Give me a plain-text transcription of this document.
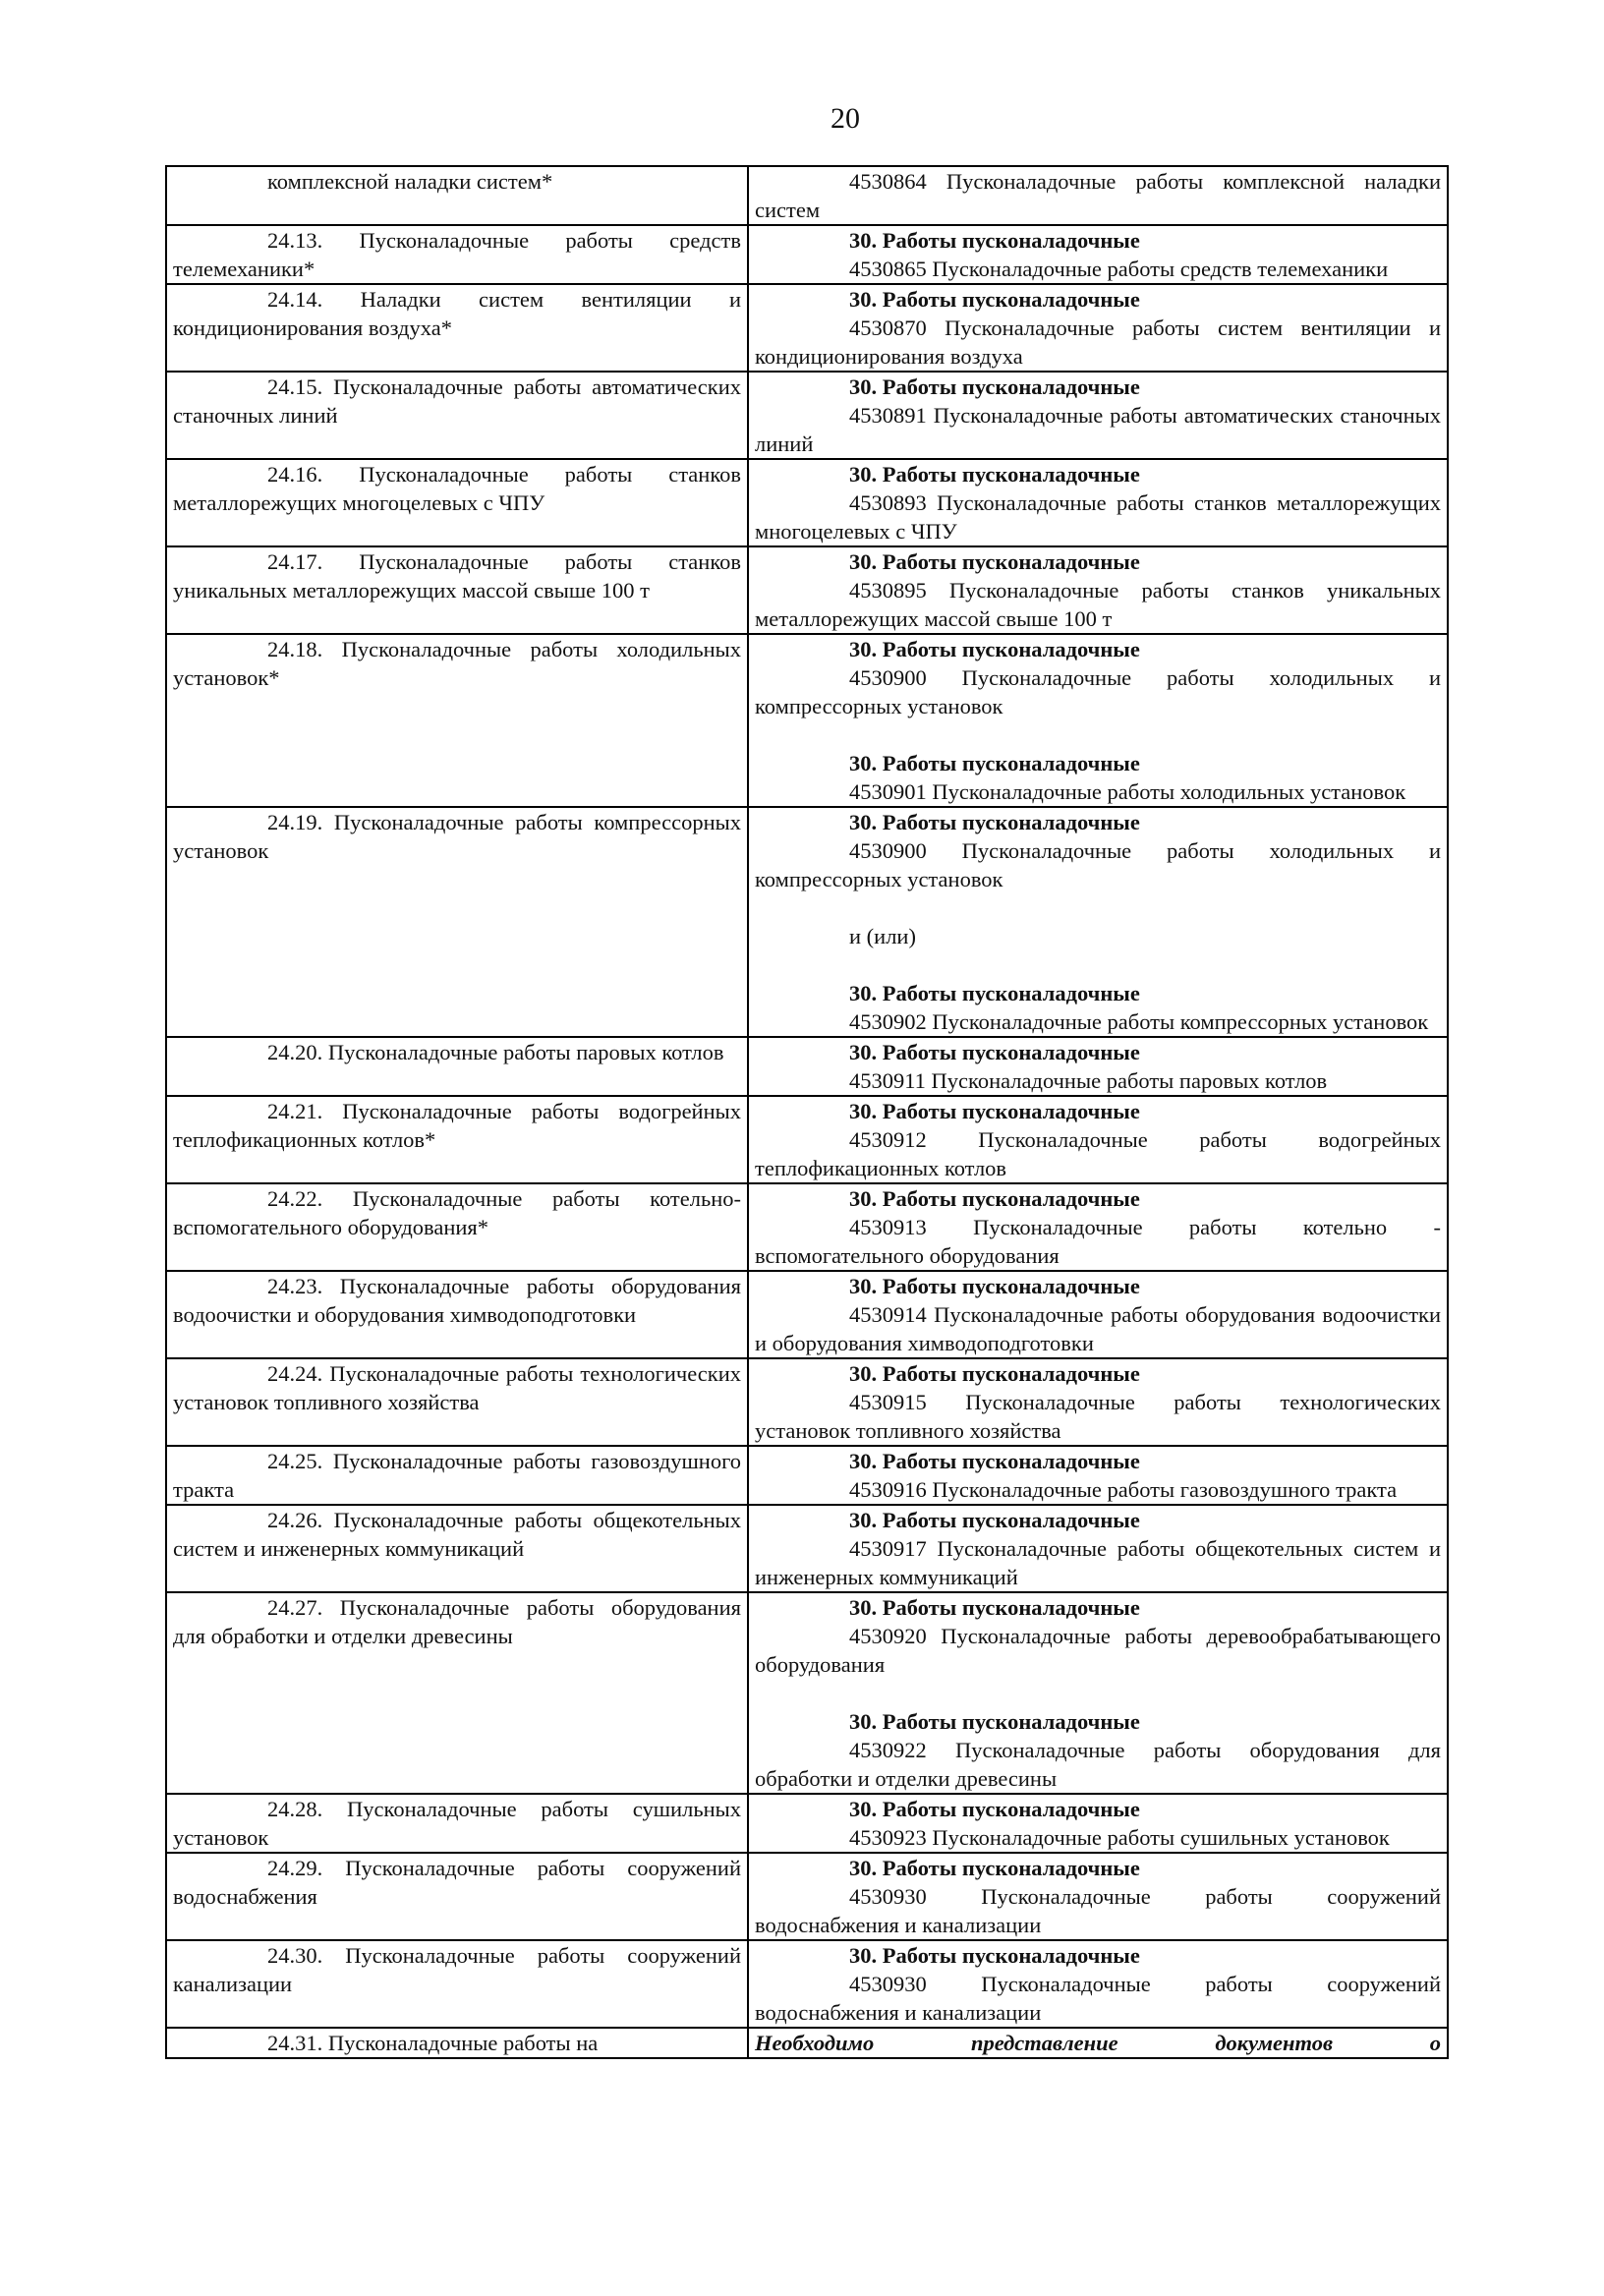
20

комплексной наладки систем*	4530864 Пусконаладочные работы комплексной наладки систем

24.13. Пусконаладочные работы средств телемеханики*	30. Работы пусконаладочные

4530865 Пусконаладочные работы средств телемеханики

24.14. Наладки систем вентиляции и кондиционирования воздуха*	30. Работы пусконаладочные

4530870 Пусконаладочные работы систем вентиляции и кондиционирования воздуха

24.15. Пусконаладочные работы автоматических станочных линий	30. Работы пусконаладочные

4530891 Пусконаладочные работы автоматических станочных линий

24.16. Пусконаладочные работы станков металлорежущих многоцелевых с ЧПУ	30. Работы пусконаладочные

4530893 Пусконаладочные работы станков металлорежущих многоцелевых с ЧПУ

24.17. Пусконаладочные работы станков уникальных металлорежущих массой свыше 100 т	30. Работы пусконаладочные

4530895 Пусконаладочные работы станков уникальных металлорежущих массой свыше 100 т

24.18. Пусконаладочные работы холодильных установок*	30. Работы пусконаладочные

4530900 Пусконаладочные работы холодильных и компрессорных установок

30. Работы пусконаладочные

4530901 Пусконаладочные работы холодильных установок

24.19. Пусконаладочные работы компрессорных установок	30. Работы пусконаладочные

4530900 Пусконаладочные работы холодильных и компрессорных установок

и (или)

30. Работы пусконаладочные

4530902 Пусконаладочные работы компрессорных установок

24.20. Пусконаладочные работы паровых котлов	30. Работы пусконаладочные

4530911 Пусконаладочные работы паровых котлов

24.21. Пусконаладочные работы водогрейных теплофикационных котлов*	30. Работы пусконаладочные

4530912 Пусконаладочные работы водогрейных теплофикационных котлов

24.22. Пусконаладочные работы котельно-вспомогательного оборудования*	30. Работы пусконаладочные

4530913 Пусконаладочные работы котельно - вспомогательного оборудования

24.23. Пусконаладочные работы оборудования водоочистки и оборудования химводоподготовки	30. Работы пусконаладочные

4530914 Пусконаладочные работы оборудования водоочистки и оборудования химводоподготовки

24.24. Пусконаладочные работы технологических установок топливного хозяйства	30. Работы пусконаладочные

4530915 Пусконаладочные работы технологических установок топливного хозяйства

24.25. Пусконаладочные работы газовоздушного тракта	30. Работы пусконаладочные

4530916 Пусконаладочные работы газовоздушного тракта

24.26. Пусконаладочные работы общекотельных систем и инженерных коммуникаций	30. Работы пусконаладочные

4530917 Пусконаладочные работы общекотельных систем и инженерных коммуникаций

24.27. Пусконаладочные работы оборудования для обработки и отделки древесины	30. Работы пусконаладочные

4530920 Пусконаладочные работы деревообрабатывающего оборудования

30. Работы пусконаладочные

4530922 Пусконаладочные работы оборудования для обработки и отделки древесины

24.28. Пусконаладочные работы сушильных установок	30. Работы пусконаладочные

4530923 Пусконаладочные работы сушильных установок

24.29. Пусконаладочные работы сооружений водоснабжения	30. Работы пусконаладочные

4530930 Пусконаладочные работы сооружений водоснабжения и канализации

24.30. Пусконаладочные работы сооружений канализации	30. Работы пусконаладочные

4530930 Пусконаладочные работы сооружений водоснабжения и канализации

24.31. Пусконаладочные работы на	Необходимо представление документов о
